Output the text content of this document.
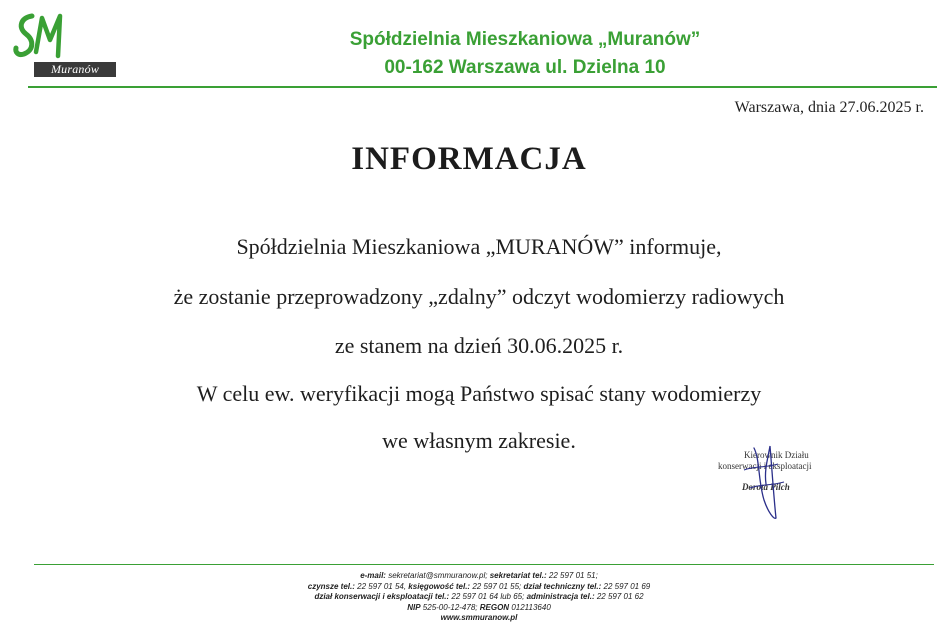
Muranów
Spółdzielnia Mieszkaniowa „Muranów”
00-162 Warszawa ul. Dzielna 10
Warszawa, dnia 27.06.2025 r.
INFORMACJA
Spółdzielnia Mieszkaniowa „MURANÓW” informuje,
że zostanie przeprowadzony „zdalny” odczyt wodomierzy radiowych
ze stanem na dzień 30.06.2025 r.
W celu ew. weryfikacji mogą Państwo spisać stany wodomierzy
we własnym zakresie.
Kierownik Działu
konserwacji i eksploatacji
Dorota Pilch
e-mail: sekretariat@smmuranow.pl; sekretariat tel.: 22 597 01 51;
czynsze tel.: 22 597 01 54, księgowość tel.: 22 597 01 55; dział techniczny tel.: 22 597 01 69
dział konserwacji i eksploatacji tel.: 22 597 01 64 lub 65; administracja tel.: 22 597 01 62
NIP 525-00-12-478; REGON 012113640
www.smmuranow.pl
